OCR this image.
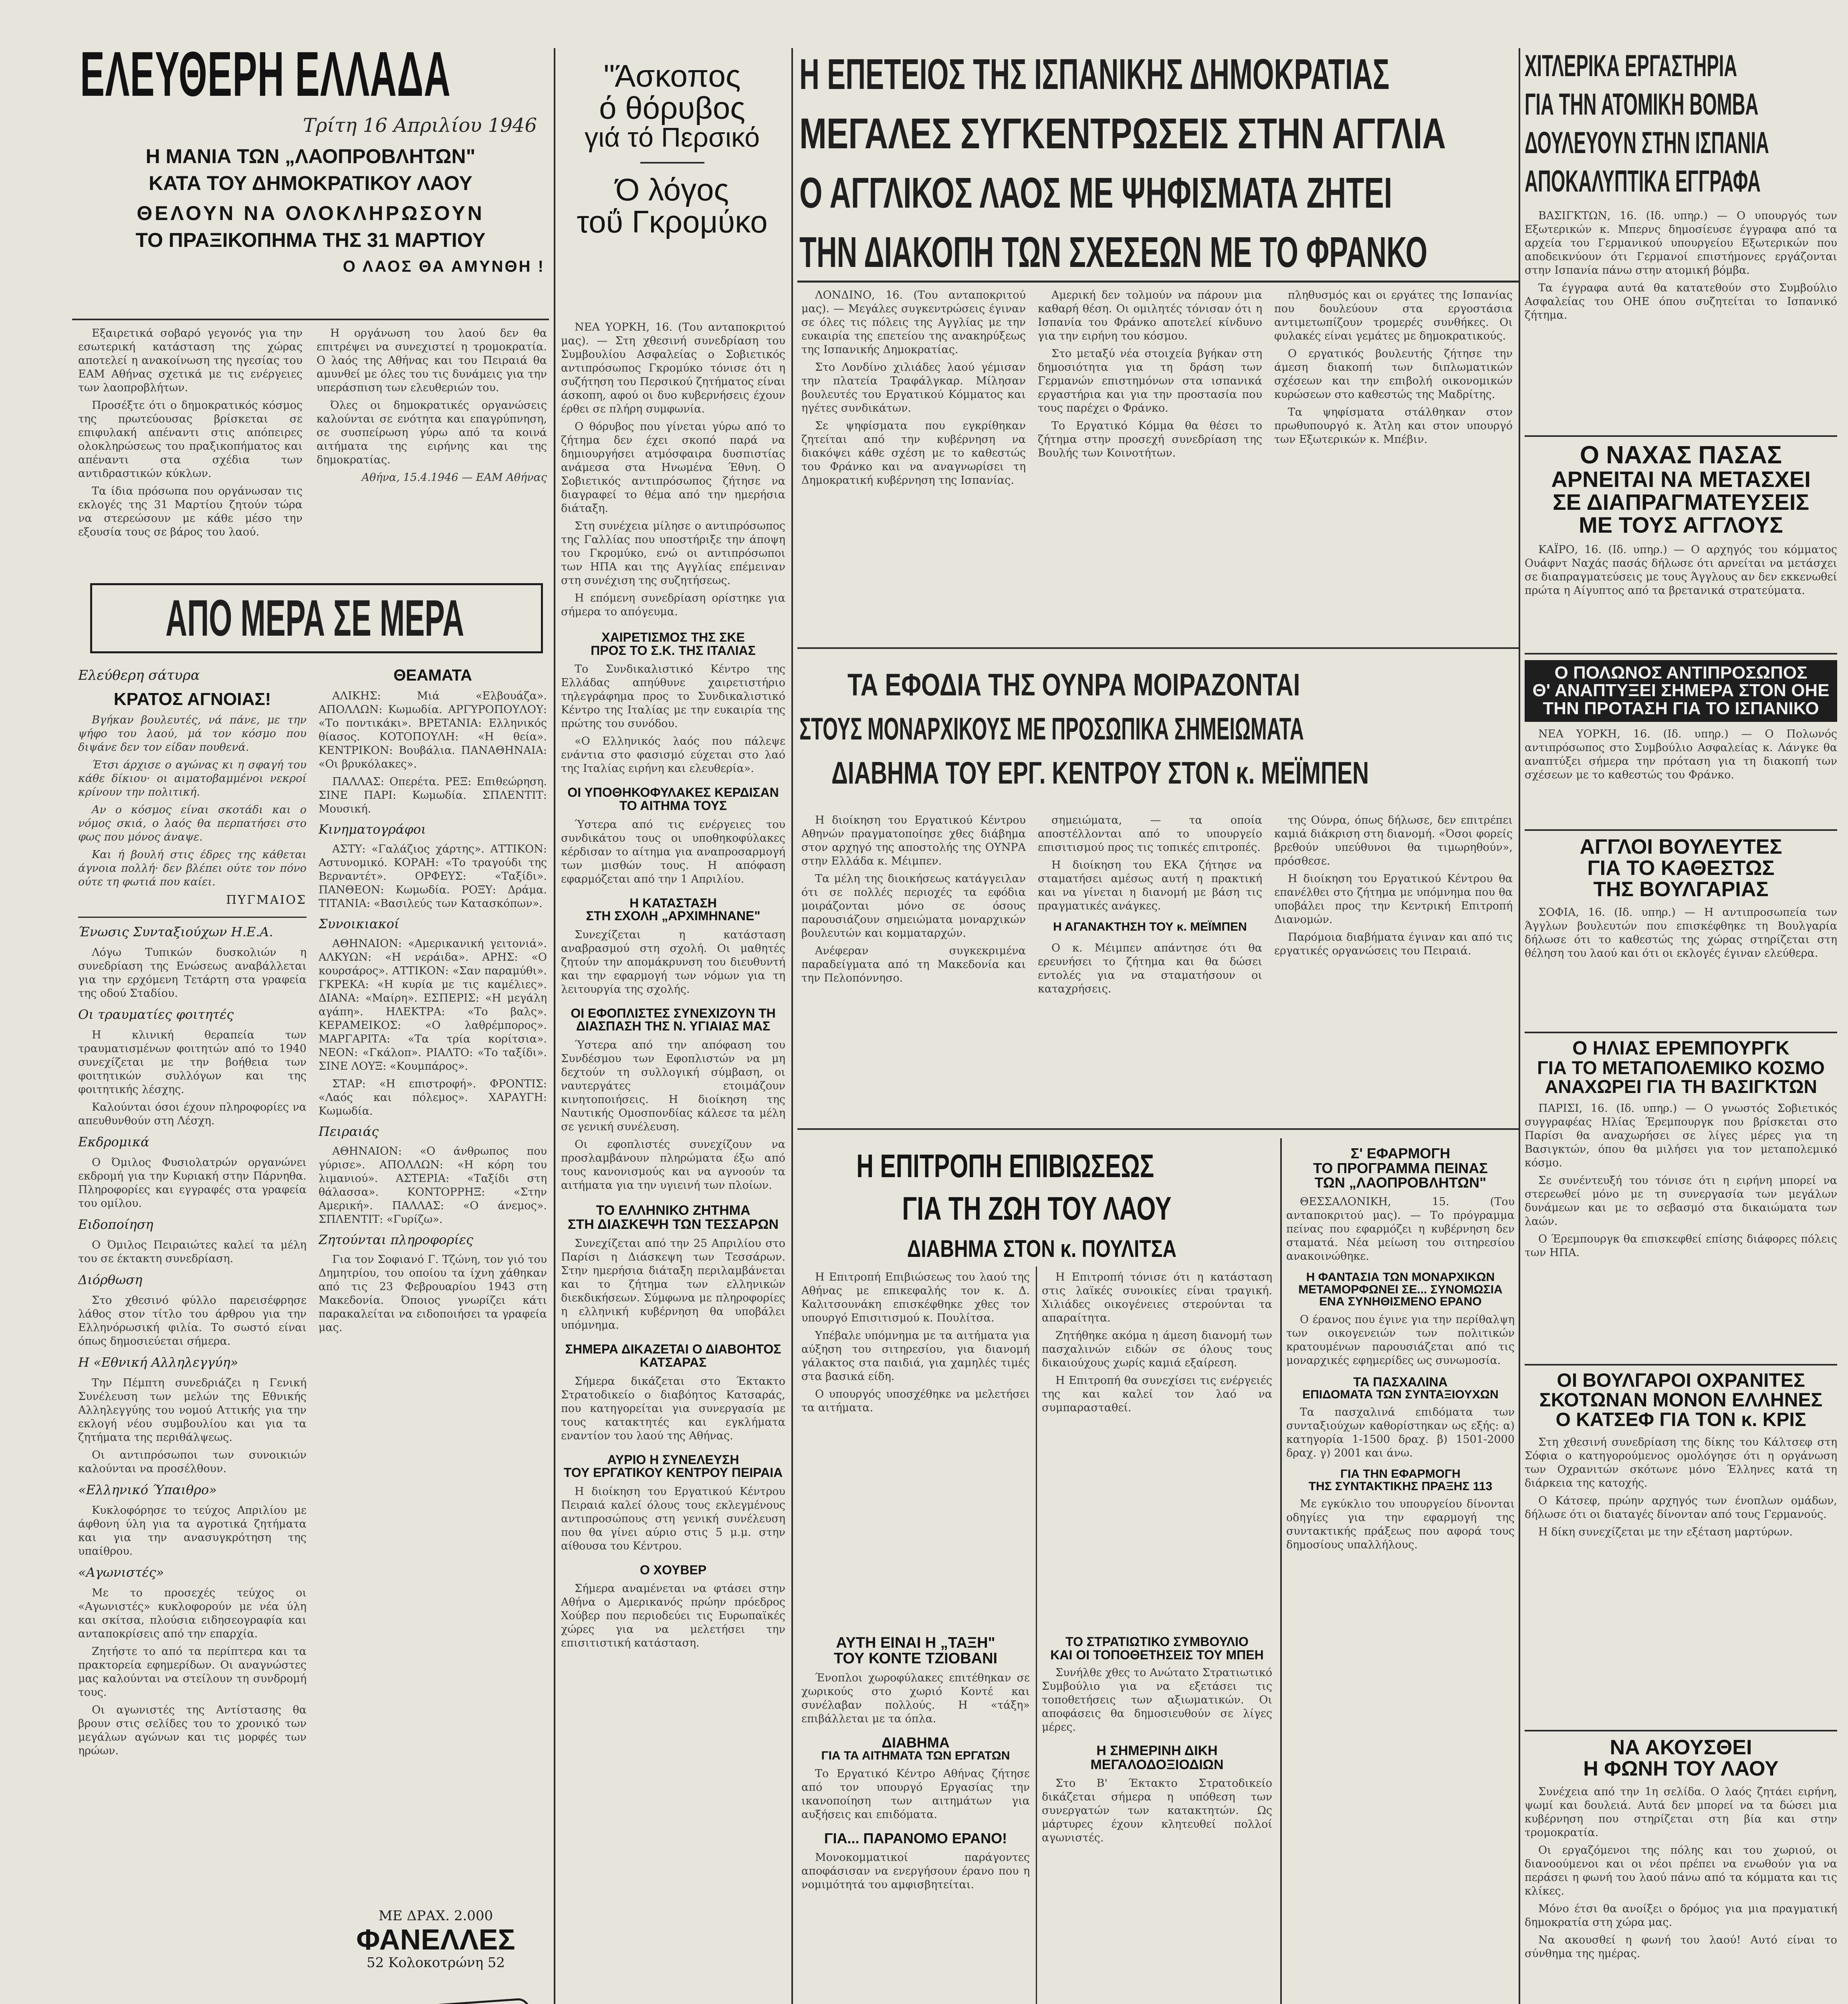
ΕΛΕΥΘΕΡΗ ΕΛΛΑΔΑ
Τρίτη 16 Απριλίου 1946
Η ΜΑΝΙΑ ΤΩΝ „ΛΑΟΠΡΟΒΛΗΤΩΝ"
ΚΑΤΑ ΤΟΥ ΔΗΜΟΚΡΑΤΙΚΟΥ ΛΑΟΥ
ΘΕΛΟΥΝ ΝΑ ΟΛΟΚΛΗΡΩΣΟΥΝ
ΤΟ ΠΡΑΞΙΚΟΠΗΜΑ ΤΗΣ 31 ΜΑΡΤΙΟΥ
Ο ΛΑΟΣ ΘΑ ΑΜΥΝΘΗ !

Εξαιρετικά σοβαρό γεγονός για την εσωτερική κατάσταση της χώρας αποτελεί η ανακοίνωση της ηγεσίας του ΕΑΜ Αθήνας σχετικά με τις ενέργειες των λαοπροβλήτων.

Προσέξτε ότι ο δημοκρατικός κόσμος της πρωτεύουσας βρίσκεται σε επιφυλακή απέναντι στις απόπειρες ολοκληρώσεως του πραξικοπήματος και απέναντι στα σχέδια των αντιδραστικών κύκλων.

Τα ίδια πρόσωπα που οργάνωσαν τις εκλογές της 31 Μαρτίου ζητούν τώρα να στερεώσουν με κάθε μέσο την εξουσία τους σε βάρος του λαού.

Η οργάνωση του λαού δεν θα επιτρέψει να συνεχιστεί η τρομοκρατία. Ο λαός της Αθήνας και του Πειραιά θα αμυνθεί με όλες του τις δυνάμεις για την υπεράσπιση των ελευθεριών του.

Όλες οι δημοκρατικές οργανώσεις καλούνται σε ενότητα και επαγρύπνηση, σε συσπείρωση γύρω από τα κοινά αιτήματα της ειρήνης και της δημοκρατίας.

Αθήνα, 15.4.1946 — ΕΑΜ Αθήνας

ΑΠΟ ΜΕΡΑ ΣΕ ΜΕΡΑ
Ελεύθερη σάτυρα
ΚΡΑΤΟΣ ΑΓΝΟΙΑΣ!

Βγήκαν βουλευτές, νά πάνε, με την ψήφο του λαού, μά τον κόσμο που διψάνε δεν τον είδαν πουθενά.

Έτσι άρχισε ο αγώνας κι η σφαγή του κάθε δίκιου· οι αιματοβαμμένοι νεκροί κρίνουν την πολιτική.

Αν ο κόσμος είναι σκοτάδι και ο νόμος σκιά, ο λαός θα περπατήσει στο φως που μόνος άναψε.

Και ή βουλή στις έδρες της κάθεται άγνοια πολλή· δεν βλέπει ούτε τον πόνο ούτε τη φωτιά που καίει.

ΠΥΓΜΑΙΟΣ
Ένωσις Συνταξιούχων Η.Ε.Α.

Λόγω Τυπικών δυσκολιών η συνεδρίαση της Ενώσεως αναβάλλεται για την ερχόμενη Τετάρτη στα γραφεία της οδού Σταδίου.

Οι τραυματίες φοιτητές

Η κλινική θεραπεία των τραυματισμένων φοιτητών από το 1940 συνεχίζεται με την βοήθεια των φοιτητικών συλλόγων και της φοιτητικής λέσχης.

Καλούνται όσοι έχουν πληροφορίες να απευθυνθούν στη Λέσχη.

Εκδρομικά

Ο Όμιλος Φυσιολατρών οργανώνει εκδρομή για την Κυριακή στην Πάρνηθα. Πληροφορίες και εγγραφές στα γραφεία του ομίλου.

Ειδοποίηση

Ο Όμιλος Πειραιώτες καλεί τα μέλη του σε έκτακτη συνεδρίαση.

Διόρθωση

Στο χθεσινό φύλλο παρεισέφρησε λάθος στον τίτλο του άρθρου για την Ελληνόρωσική φιλία. Το σωστό είναι όπως δημοσιεύεται σήμερα.

Η «Εθνική Αλληλεγγύη»

Την Πέμπτη συνεδριάζει η Γενική Συνέλευση των μελών της Εθνικής Αλληλεγγύης του νομού Αττικής για την εκλογή νέου συμβουλίου και για τα ζητήματα της περιθάλψεως.

Οι αντιπρόσωποι των συνοικιών καλούνται να προσέλθουν.

«Ελληνικό Ύπαιθρο»

Κυκλοφόρησε το τεύχος Απριλίου με άφθονη ύλη για τα αγροτικά ζητήματα και για την ανασυγκρότηση της υπαίθρου.

«Αγωνιστές»

Με το προσεχές τεύχος οι «Αγωνιστές» κυκλοφορούν με νέα ύλη και σκίτσα, πλούσια ειδησεογραφία και ανταποκρίσεις από την επαρχία.

Ζητήστε το από τα περίπτερα και τα πρακτορεία εφημερίδων. Οι αναγνώστες μας καλούνται να στείλουν τη συνδρομή τους.

Οι αγωνιστές της Αντίστασης θα βρουν στις σελίδες του το χρονικό των μεγάλων αγώνων και τις μορφές των ηρώων.

ΘΕΑΜΑΤΑ

ΑΛΙΚΗΣ: Μιά «Ελβουάζα». ΑΠΟΛΛΩΝ: Κωμωδία. ΑΡΓΥΡΟΠΟΥΛΟΥ: «Το ποντικάκι». ΒΡΕΤΑΝΙΑ: Ελληνικός θίασος. ΚΟΤΟΠΟΥΛΗ: «Η θεία». ΚΕΝΤΡΙΚΟΝ: Βουβάλια. ΠΑΝΑΘΗΝΑΙΑ: «Οι βρυκόλακες».

ΠΑΛΛΑΣ: Οπερέτα. ΡΕΞ: Επιθεώρηση. ΣΙΝΕ ΠΑΡΙ: Κωμωδία. ΣΠΛΕΝΤΙΤ: Μουσική.

Κινηματογράφοι

ΑΣΤΥ: «Γαλάζιος χάρτης». ΑΤΤΙΚΟΝ: Αστυνομικό. ΚΟΡΑΗ: «Το τραγούδι της Βερναντέτ». ΟΡΦΕΥΣ: «Ταξίδι». ΠΑΝΘΕΟΝ: Κωμωδία. ΡΟΞΥ: Δράμα. ΤΙΤΑΝΙΑ: «Βασιλεύς των Κατασκόπων».

Συνοικιακοί

ΑΘΗΝΑΙΟΝ: «Αμερικανική γειτονιά». ΑΛΚΥΩΝ: «Η νεράιδα». ΑΡΗΣ: «Ο κουρσάρος». ΑΤΤΙΚΟΝ: «Σαν παραμύθι». ΓΚΡΕΚΑ: «Η κυρία με τις καμέλιες». ΔΙΑΝΑ: «Μαίρη». ΕΣΠΕΡΙΣ: «Η μεγάλη αγάπη». ΗΛΕΚΤΡΑ: «Το βαλς». ΚΕΡΑΜΕΙΚΟΣ: «Ο λαθρέμπορος». ΜΑΡΓΑΡΙΤΑ: «Τα τρία κορίτσια». ΝΕΟΝ: «Γκάλοπ». ΡΙΑΛΤΟ: «Το ταξίδι». ΣΙΝΕ ΛΟΥΞ: «Κουμπάρος».

ΣΤΑΡ: «Η επιστροφή». ΦΡΟΝΤΙΣ: «Λαός και πόλεμος». ΧΑΡΑΥΓΗ: Κωμωδία.

Πειραιάς

ΑΘΗΝΑΙΟΝ: «Ο άνθρωπος που γύρισε». ΑΠΟΛΛΩΝ: «Η κόρη του λιμανιού». ΑΣΤΕΡΙΑ: «Ταξίδι στη θάλασσα». ΚΟΝΤΟΡΡΗΞ: «Στην Αμερική». ΠΑΛΛΑΣ: «Ο άνεμος». ΣΠΛΕΝΤΙΤ: «Γυρίζω».

Ζητούνται πληροφορίες

Για τον Σοφιανό Γ. Τζώνη, τον γιό του Δημητρίου, του οποίου τα ίχνη χάθηκαν από τις 23 Φεβρουαρίου 1943 στη Μακεδονία. Όποιος γνωρίζει κάτι παρακαλείται να ειδοποιήσει τα γραφεία μας.

ΜΕ ΔΡΑΧ. 2.000
ΦΑΝΕΛΛΕΣ
52 Κολοκοτρώνη 52

"Άσκοπος
ό θόρυβος
γιά τό Περσικό
Ό λόγος
τοΰ Γκρομύκο

ΝΕΑ ΥΟΡΚΗ, 16. (Του ανταποκριτού μας). — Στη χθεσινή συνεδρίαση του Συμβουλίου Ασφαλείας ο Σοβιετικός αντιπρόσωπος Γκρομύκο τόνισε ότι η συζήτηση του Περσικού ζητήματος είναι άσκοπη, αφού οι δυο κυβερνήσεις έχουν έρθει σε πλήρη συμφωνία.

Ο θόρυβος που γίνεται γύρω από το ζήτημα δεν έχει σκοπό παρά να δημιουργήσει ατμόσφαιρα δυσπιστίας ανάμεσα στα Ηνωμένα Έθνη. Ο Σοβιετικός αντιπρόσωπος ζήτησε να διαγραφεί το θέμα από την ημερήσια διάταξη.

Στη συνέχεια μίλησε ο αντιπρόσωπος της Γαλλίας που υποστήριξε την άποψη του Γκρομύκο, ενώ οι αντιπρόσωποι των ΗΠΑ και της Αγγλίας επέμειναν στη συνέχιση της συζητήσεως.

Η επόμενη συνεδρίαση ορίστηκε για σήμερα το απόγευμα.

ΧΑΙΡΕΤΙΣΜΟΣ ΤΗΣ ΣΚΕ
ΠΡΟΣ ΤΟ Σ.Κ. ΤΗΣ ΙΤΑΛΙΑΣ

Το Συνδικαλιστικό Κέντρο της Ελλάδας απηύθυνε χαιρετιστήριο τηλεγράφημα προς το Συνδικαλιστικό Κέντρο της Ιταλίας με την ευκαιρία της πρώτης του συνόδου.

«Ο Ελληνικός λαός που πάλεψε ενάντια στο φασισμό εύχεται στο λαό της Ιταλίας ειρήνη και ελευθερία».

ΟΙ ΥΠΟΘΗΚΟΦΥΛΑΚΕΣ ΚΕΡΔΙΣΑΝ ΤΟ ΑΙΤΗΜΑ ΤΟΥΣ

Ύστερα από τις ενέργειες του συνδικάτου τους οι υποθηκοφύλακες κέρδισαν το αίτημα για αναπροσαρμογή των μισθών τους. Η απόφαση εφαρμόζεται από την 1 Απριλίου.

Η ΚΑΤΑΣΤΑΣΗ
ΣΤΗ ΣΧΟΛΗ „ΑΡΧΙΜΗΝΑΝΕ"

Συνεχίζεται η κατάσταση αναβρασμού στη σχολή. Οι μαθητές ζητούν την απομάκρυνση του διευθυντή και την εφαρμογή των νόμων για τη λειτουργία της σχολής.

ΟΙ ΕΦΟΠΛΙΣΤΕΣ ΣΥΝΕΧΙΖΟΥΝ ΤΗ ΔΙΑΣΠΑΣΗ ΤΗΣ Ν. ΥΓΙΑΙΑΣ ΜΑΣ

Ύστερα από την απόφαση του Συνδέσμου των Εφοπλιστών να μη δεχτούν τη συλλογική σύμβαση, οι ναυτεργάτες ετοιμάζουν κινητοποιήσεις. Η διοίκηση της Ναυτικής Ομοσπονδίας κάλεσε τα μέλη σε γενική συνέλευση.

Οι εφοπλιστές συνεχίζουν να προσλαμβάνουν πληρώματα έξω από τους κανονισμούς και να αγνοούν τα αιτήματα για την υγιεινή των πλοίων.

ΤΟ ΕΛΛΗΝΙΚΟ ΖΗΤΗΜΑ
ΣΤΗ ΔΙΑΣΚΕΨΗ ΤΩΝ ΤΕΣΣΑΡΩΝ

Συνεχίζεται από την 25 Απριλίου στο Παρίσι η Διάσκεψη των Τεσσάρων. Στην ημερήσια διάταξη περιλαμβάνεται και το ζήτημα των ελληνικών διεκδικήσεων. Σύμφωνα με πληροφορίες η ελληνική κυβέρνηση θα υποβάλει υπόμνημα.

ΣΗΜΕΡΑ ΔΙΚΑΖΕΤΑΙ Ο ΔΙΑΒΟΗΤΟΣ ΚΑΤΣΑΡΑΣ

Σήμερα δικάζεται στο Έκτακτο Στρατοδικείο ο διαβόητος Κατσαράς, που κατηγορείται για συνεργασία με τους κατακτητές και εγκλήματα εναντίον του λαού της Αθήνας.

ΑΥΡΙΟ Η ΣΥΝΕΛΕΥΣΗ
ΤΟΥ ΕΡΓΑΤΙΚΟΥ ΚΕΝΤΡΟΥ ΠΕΙΡΑΙΑ

Η διοίκηση του Εργατικού Κέντρου Πειραιά καλεί όλους τους εκλεγμένους αντιπροσώπους στη γενική συνέλευση που θα γίνει αύριο στις 5 μ.μ. στην αίθουσα του Κέντρου.

Ο ΧΟΥΒΕΡ

Σήμερα αναμένεται να φτάσει στην Αθήνα ο Αμερικανός πρώην πρόεδρος Χούβερ που περιοδεύει τις Ευρωπαϊκές χώρες για να μελετήσει την επισιτιστική κατάσταση.

Η ΕΠΕΤΕΙΟΣ ΤΗΣ ΙΣΠΑΝΙΚΗΣ ΔΗΜΟΚΡΑΤΙΑΣ
ΜΕΓΑΛΕΣ ΣΥΓΚΕΝΤΡΩΣΕΙΣ ΣΤΗΝ ΑΓΓΛΙΑ
Ο ΑΓΓΛΙΚΟΣ ΛΑΟΣ ΜΕ ΨΗΦΙΣΜΑΤΑ ΖΗΤΕΙ
ΤΗΝ ΔΙΑΚΟΠΗ ΤΩΝ ΣΧΕΣΕΩΝ ΜΕ ΤΟ ΦΡΑΝΚΟ

ΛΟΝΔΙΝΟ, 16. (Του ανταποκριτού μας). — Μεγάλες συγκεντρώσεις έγιναν σε όλες τις πόλεις της Αγγλίας με την ευκαιρία της επετείου της ανακηρύξεως της Ισπανικής Δημοκρατίας.

Στο Λονδίνο χιλιάδες λαού γέμισαν την πλατεία Τραφάλγκαρ. Μίλησαν βουλευτές του Εργατικού Κόμματος και ηγέτες συνδικάτων.

Σε ψηφίσματα που εγκρίθηκαν ζητείται από την κυβέρνηση να διακόψει κάθε σχέση με το καθεστώς του Φράνκο και να αναγνωρίσει τη Δημοκρατική κυβέρνηση της Ισπανίας.

Αμερική δεν τολμούν να πάρουν μια καθαρή θέση. Οι ομιλητές τόνισαν ότι η Ισπανία του Φράνκο αποτελεί κίνδυνο για την ειρήνη του κόσμου.

Στο μεταξύ νέα στοιχεία βγήκαν στη δημοσιότητα για τη δράση των Γερμανών επιστημόνων στα ισπανικά εργαστήρια και για την προστασία που τους παρέχει ο Φράνκο.

Το Εργατικό Κόμμα θα θέσει το ζήτημα στην προσεχή συνεδρίαση της Βουλής των Κοινοτήτων.

πληθυσμός και οι εργάτες της Ισπανίας που δουλεύουν στα εργοστάσια αντιμετωπίζουν τρομερές συνθήκες. Οι φυλακές είναι γεμάτες με δημοκρατικούς.

Ο εργατικός βουλευτής ζήτησε την άμεση διακοπή των διπλωματικών σχέσεων και την επιβολή οικονομικών κυρώσεων στο καθεστώς της Μαδρίτης.

Τα ψηφίσματα στάλθηκαν στον πρωθυπουργό κ. Άτλη και στον υπουργό των Εξωτερικών κ. Μπέβιν.

ΤΑ ΕΦΟΔΙΑ ΤΗΣ ΟΥΝΡΑ ΜΟΙΡΑΖΟΝΤΑΙ
ΣΤΟΥΣ ΜΟΝΑΡΧΙΚΟΥΣ ΜΕ ΠΡΟΣΩΠΙΚΑ ΣΗΜΕΙΩΜΑΤΑ
ΔΙΑΒΗΜΑ ΤΟΥ ΕΡΓ. ΚΕΝΤΡΟΥ ΣΤΟΝ κ. ΜΕΪΜΠΕΝ

Η διοίκηση του Εργατικού Κέντρου Αθηνών πραγματοποίησε χθες διάβημα στον αρχηγό της αποστολής της ΟΥΝΡΑ στην Ελλάδα κ. Μέιμπεν.

Τα μέλη της διοικήσεως κατάγγειλαν ότι σε πολλές περιοχές τα εφόδια μοιράζονται μόνο σε όσους παρουσιάζουν σημειώματα μοναρχικών βουλευτών και κομματαρχών.

Ανέφεραν συγκεκριμένα παραδείγματα από τη Μακεδονία και την Πελοπόννησο.

σημειώματα, — τα οποία αποστέλλονται από το υπουργείο επισιτισμού προς τις τοπικές επιτροπές.

Η διοίκηση του ΕΚΑ ζήτησε να σταματήσει αμέσως αυτή η πρακτική και να γίνεται η διανομή με βάση τις πραγματικές ανάγκες.

Η ΑΓΑΝΑΚΤΗΣΗ ΤΟΥ κ. ΜΕΪΜΠΕΝ

Ο κ. Μέιμπεν απάντησε ότι θα ερευνήσει το ζήτημα και θα δώσει εντολές για να σταματήσουν οι καταχρήσεις.

της Ούνρα, όπως δήλωσε, δεν επιτρέπει καμιά διάκριση στη διανομή. «Όσοι φορείς βρεθούν υπεύθυνοι θα τιμωρηθούν», πρόσθεσε.

Η διοίκηση του Εργατικού Κέντρου θα επανέλθει στο ζήτημα με υπόμνημα που θα υποβάλει προς την Κεντρική Επιτροπή Διανομών.

Παρόμοια διαβήματα έγιναν και από τις εργατικές οργανώσεις του Πειραιά.

Η ΕΠΙΤΡΟΠΗ ΕΠΙΒΙΩΣΕΩΣ
ΓΙΑ ΤΗ ΖΩΗ ΤΟΥ ΛΑΟΥ
ΔΙΑΒΗΜΑ ΣΤΟΝ κ. ΠΟΥΛΙΤΣΑ

Η Επιτροπή Επιβιώσεως του λαού της Αθήνας με επικεφαλής τον κ. Δ. Καλιτσουνάκη επισκέφθηκε χθες τον υπουργό Επισιτισμού κ. Πουλίτσα.

Υπέβαλε υπόμνημα με τα αιτήματα για αύξηση του σιτηρεσίου, για διανομή γάλακτος στα παιδιά, για χαμηλές τιμές στα βασικά είδη.

Ο υπουργός υποσχέθηκε να μελετήσει τα αιτήματα.

Η Επιτροπή τόνισε ότι η κατάσταση στις λαϊκές συνοικίες είναι τραγική. Χιλιάδες οικογένειες στερούνται τα απαραίτητα.

Ζητήθηκε ακόμα η άμεση διανομή των πασχαλινών ειδών σε όλους τους δικαιούχους χωρίς καμιά εξαίρεση.

Η Επιτροπή θα συνεχίσει τις ενέργειές της και καλεί τον λαό να συμπαρασταθεί.

ΑΥΤΗ ΕΙΝΑΙ Η „ΤΑΞΗ"
ΤΟΥ ΚΟΝΤΕ ΤΖΙΟΒΑΝΙ

Ένοπλοι χωροφύλακες επιτέθηκαν σε χωρικούς στο χωριό Κοντέ και συνέλαβαν πολλούς. Η «τάξη» επιβάλλεται με τα όπλα.

ΔΙΑΒΗΜΑ
ΓΙΑ ΤΑ ΑΙΤΗΜΑΤΑ ΤΩΝ ΕΡΓΑΤΩΝ

Το Εργατικό Κέντρο Αθήνας ζήτησε από τον υπουργό Εργασίας την ικανοποίηση των αιτημάτων για αυξήσεις και επιδόματα.

ΓΙΑ... ΠΑΡΑΝΟΜΟ ΕΡΑΝΟ!

Μονοκομματικοί παράγοντες αποφάσισαν να ενεργήσουν έρανο που η νομιμότητά του αμφισβητείται.

ΤΟ ΣΤΡΑΤΙΩΤΙΚΟ ΣΥΜΒΟΥΛΙΟ
ΚΑΙ ΟΙ ΤΟΠΟΘΕΤΗΣΕΙΣ ΤΟΥ ΜΠΕΗ

Συνήλθε χθες το Ανώτατο Στρατιωτικό Συμβούλιο για να εξετάσει τις τοποθετήσεις των αξιωματικών. Οι αποφάσεις θα δημοσιευθούν σε λίγες μέρες.

Η ΣΗΜΕΡΙΝΗ ΔΙΚΗ
ΜΕΓΑΛΟΔΟΞΙΟΔΙΩΝ

Στο Β' Έκτακτο Στρατοδικείο δικάζεται σήμερα η υπόθεση των συνεργατών των κατακτητών. Ως μάρτυρες έχουν κλητευθεί πολλοί αγωνιστές.

Σ' ΕΦΑΡΜΟΓΗ
ΤΟ ΠΡΟΓΡΑΜΜΑ ΠΕΙΝΑΣ
ΤΩΝ „ΛΑΟΠΡΟΒΛΗΤΩΝ"

ΘΕΣΣΑΛΟΝΙΚΗ, 15. (Του ανταποκριτού μας). — Το πρόγραμμα πείνας που εφαρμόζει η κυβέρνηση δεν σταματά. Νέα μείωση του σιτηρεσίου ανακοινώθηκε.

Η ΦΑΝΤΑΣΙΑ ΤΩΝ ΜΟΝΑΡΧΙΚΩΝ
ΜΕΤΑΜΟΡΦΩΝΕΙ ΣΕ... ΣΥΝΟΜΩΣΙΑ
ΕΝΑ ΣΥΝΗΘΙΣΜΕΝΟ ΕΡΑΝΟ

Ο έρανος που έγινε για την περίθαλψη των οικογενειών των πολιτικών κρατουμένων παρουσιάζεται από τις μοναρχικές εφημερίδες ως συνωμοσία.

ΤΑ ΠΑΣΧΑΛΙΝΑ
ΕΠΙΔΟΜΑΤΑ ΤΩΝ ΣΥΝΤΑΞΙΟΥΧΩΝ

Τα πασχαλινά επιδόματα των συνταξιούχων καθορίστηκαν ως εξής: α) κατηγορία 1-1500 δραχ. β) 1501-2000 δραχ. γ) 2001 και άνω.

ΓΙΑ ΤΗΝ ΕΦΑΡΜΟΓΗ
ΤΗΣ ΣΥΝΤΑΚΤΙΚΗΣ ΠΡΑΞΗΣ 113

Με εγκύκλιο του υπουργείου δίνονται οδηγίες για την εφαρμογή της συντακτικής πράξεως που αφορά τους δημοσίους υπαλλήλους.

ΧΙΤΛΕΡΙΚΑ ΕΡΓΑΣΤΗΡΙΑ
ΓΙΑ ΤΗΝ ΑΤΟΜΙΚΗ ΒΟΜΒΑ
ΔΟΥΛΕΥΟΥΝ ΣΤΗΝ ΙΣΠΑΝΙΑ
ΑΠΟΚΑΛΥΠΤΙΚΑ ΕΓΓΡΑΦΑ

ΒΑΣΙΓΚΤΩΝ, 16. (Ιδ. υπηρ.) — Ο υπουργός των Εξωτερικών κ. Μπερνς δημοσίευσε έγγραφα από τα αρχεία του Γερμανικού υπουργείου Εξωτερικών που αποδεικνύουν ότι Γερμανοί επιστήμονες εργάζονται στην Ισπανία πάνω στην ατομική βόμβα.

Τα έγγραφα αυτά θα κατατεθούν στο Συμβούλιο Ασφαλείας του ΟΗΕ όπου συζητείται το Ισπανικό ζήτημα.

Ο ΝΑΧΑΣ ΠΑΣΑΣ
ΑΡΝΕΙΤΑΙ ΝΑ ΜΕΤΑΣΧΕΙ
ΣΕ ΔΙΑΠΡΑΓΜΑΤΕΥΣΕΙΣ
ΜΕ ΤΟΥΣ ΑΓΓΛΟΥΣ

ΚΑΪΡΟ, 16. (Ιδ. υπηρ.) — Ο αρχηγός του κόμματος Ουάφντ Ναχάς πασάς δήλωσε ότι αρνείται να μετάσχει σε διαπραγματεύσεις με τους Άγγλους αν δεν εκκενωθεί πρώτα η Αίγυπτος από τα βρετανικά στρατεύματα.

Ο ΠΟΛΩΝΟΣ ΑΝΤΙΠΡΟΣΩΠΟΣ
Θ' ΑΝΑΠΤΥΞΕΙ ΣΗΜΕΡΑ ΣΤΟΝ ΟΗΕ
ΤΗΝ ΠΡΟΤΑΣΗ ΓΙΑ ΤΟ ΙΣΠΑΝΙΚΟ

ΝΕΑ ΥΟΡΚΗ, 16. (Ιδ. υπηρ.) — Ο Πολωνός αντιπρόσωπος στο Συμβούλιο Ασφαλείας κ. Λάνγκε θα αναπτύξει σήμερα την πρόταση για τη διακοπή των σχέσεων με το καθεστώς του Φράνκο.

ΑΓΓΛΟΙ ΒΟΥΛΕΥΤΕΣ
ΓΙΑ ΤΟ ΚΑΘΕΣΤΩΣ
ΤΗΣ ΒΟΥΛΓΑΡΙΑΣ

ΣΟΦΙΑ, 16. (Ιδ. υπηρ.) — Η αντιπροσωπεία των Άγγλων βουλευτών που επισκέφθηκε τη Βουλγαρία δήλωσε ότι το καθεστώς της χώρας στηρίζεται στη θέληση του λαού και ότι οι εκλογές έγιναν ελεύθερα.

Ο ΗΛΙΑΣ ΕΡΕΜΠΟΥΡΓΚ
ΓΙΑ ΤΟ ΜΕΤΑΠΟΛΕΜΙΚΟ ΚΟΣΜΟ
ΑΝΑΧΩΡΕΙ ΓΙΑ ΤΗ ΒΑΣΙΓΚΤΩΝ

ΠΑΡΙΣΙ, 16. (Ιδ. υπηρ.) — Ο γνωστός Σοβιετικός συγγραφέας Ηλίας Έρεμπουργκ που βρίσκεται στο Παρίσι θα αναχωρήσει σε λίγες μέρες για τη Βασιγκτών, όπου θα μιλήσει για τον μεταπολεμικό κόσμο.

Σε συνέντευξή του τόνισε ότι η ειρήνη μπορεί να στερεωθεί μόνο με τη συνεργασία των μεγάλων δυνάμεων και με το σεβασμό στα δικαιώματα των λαών.

Ο Έρεμπουργκ θα επισκεφθεί επίσης διάφορες πόλεις των ΗΠΑ.

ΟΙ ΒΟΥΛΓΑΡΟΙ ΟΧΡΑΝΙΤΕΣ
ΣΚΟΤΩΝΑΝ ΜΟΝΟΝ ΕΛΛΗΝΕΣ
Ο ΚΑΤΣΕΦ ΓΙΑ ΤΟΝ κ. ΚΡΙΣ

Στη χθεσινή συνεδρίαση της δίκης του Κάλτσεφ στη Σόφια ο κατηγορούμενος ομολόγησε ότι η οργάνωση των Οχρανιτών σκότωνε μόνο Έλληνες κατά τη διάρκεια της κατοχής.

Ο Κάτσεφ, πρώην αρχηγός των ένοπλων ομάδων, δήλωσε ότι οι διαταγές δίνονταν από τους Γερμανούς.

Η δίκη συνεχίζεται με την εξέταση μαρτύρων.

ΝΑ ΑΚΟΥΣΘΕΙ
Η ΦΩΝΗ ΤΟΥ ΛΑΟΥ

Συνέχεια από την 1η σελίδα. Ο λαός ζητάει ειρήνη, ψωμί και δουλειά. Αυτά δεν μπορεί να τα δώσει μια κυβέρνηση που στηρίζεται στη βία και στην τρομοκρατία.

Οι εργαζόμενοι της πόλης και του χωριού, οι διανοούμενοι και οι νέοι πρέπει να ενωθούν για να περάσει η φωνή του λαού πάνω από τα κόμματα και τις κλίκες.

Μόνο έτσι θα ανοίξει ο δρόμος για μια πραγματική δημοκρατία στη χώρα μας.

Να ακουσθεί η φωνή του λαού! Αυτό είναι το σύνθημα της ημέρας.
